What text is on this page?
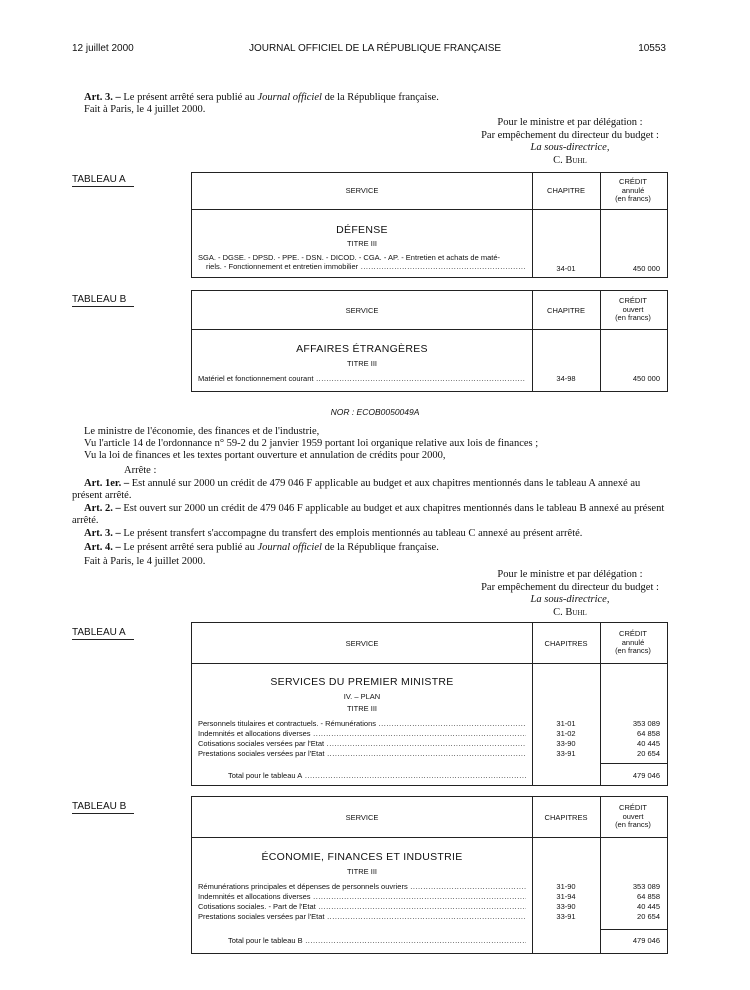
12 juillet 2000	JOURNAL OFFICIEL DE LA RÉPUBLIQUE FRANÇAISE	10553
Art. 3. – Le présent arrêté sera publié au Journal officiel de la République française.
Fait à Paris, le 4 juillet 2000.
Pour le ministre et par délégation :
Par empêchement du directeur du budget :
La sous-directrice,
C. Buhl
TABLEAU A
SERVICE	CHAPITRE
CRÉDIT
annulé
(en francs)
DÉFENSE
TITRE III
SGA. - DGSE. - DPSD. - PPE. - DSN. - DICOD. - CGA. - AP. - Entretien et achats de maté-
riels. - Fonctionnement et entretien immobilier .....	34-01	450 000
TABLEAU B
SERVICE	CHAPITRE
CRÉDIT
ouvert
(en francs)
AFFAIRES ÉTRANGÈRES
TITRE III
Matériel et fonctionnement courant .....	34-98	450 000
NOR : ECOB0050049A
Le ministre de l'économie, des finances et de l'industrie,
Vu l'article 14 de l'ordonnance n° 59-2 du 2 janvier 1959 portant loi organique relative aux lois de finances ;
Vu la loi de finances et les textes portant ouverture et annulation de crédits pour 2000,
Arrête :
Art. 1er. – Est annulé sur 2000 un crédit de 479 046 F applicable au budget et aux chapitres mentionnés dans le tableau A annexé au présent arrêté.
Art. 2. – Est ouvert sur 2000 un crédit de 479 046 F applicable au budget et aux chapitres mentionnés dans le tableau B annexé au présent arrêté.
Art. 3. – Le présent transfert s'accompagne du transfert des emplois mentionnés au tableau C annexé au présent arrêté.
Art. 4. – Le présent arrêté sera publié au Journal officiel de la République française.
Fait à Paris, le 4 juillet 2000.
Pour le ministre et par délégation :
Par empêchement du directeur du budget :
La sous-directrice,
C. Buhl
TABLEAU A
SERVICE	CHAPITRES
CRÉDIT
annulé
(en francs)
SERVICES DU PREMIER MINISTRE
IV. – PLAN
TITRE III
Personnels titulaires et contractuels. - Rémunérations .....	31-01	353 089
Indemnités et allocations diverses .....	31-02	64 858
Cotisations sociales versées par l'Etat .....	33-90	40 445
Prestations sociales versées par l'Etat .....	33-91	20 654
Total pour le tableau A .....	479 046
TABLEAU B
SERVICE	CHAPITRES
CRÉDIT
ouvert
(en francs)
ÉCONOMIE, FINANCES ET INDUSTRIE
TITRE III
Rémunérations principales et dépenses de personnels ouvriers .....	31-90	353 089
Indemnités et allocations diverses .....	31-94	64 858
Cotisations sociales. - Part de l'Etat .....	33-90	40 445
Prestations sociales versées par l'Etat .....	33-91	20 654
Total pour le tableau B .....	479 046
